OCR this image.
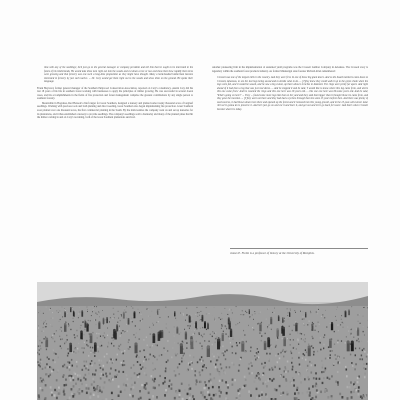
time with any of the seedlings; he'd just go to the general manager or company president and tell him that he ought to be interested in the future of his timberlands. He would take these men right out into the woods and cut down a tree or two and show them how rapidly them trees were growing and that forestry was one such a long-time proposition as they might have thought. Many a hard-headed lumberman became interested in forestry by just such tactics. ... Dr. Cary would get them right out to the woods and show them on the ground. He spoke their language.

Frank Heyward, former general manager of the Southern Pulpwood Conservation Association, reported on Cary's consultancy. Austin Cary did his last 18 years of his life in southern forest working with businesses to apply the principles of timber growing. He was successful in several dozen cases, and his accomplishments in the fields of fire protection and forest management comprise the greatest contributions by any single person to southern forestry.

Meanwhile in Bogalusa, Red Henson's chief ranger for Great Southern, designed a nursery and planted some twenty thousand acres of longleaf seedlings. Working with precious tools and both planting and direct seeding, Great Southern also began implementing fire protection. Great Southern soon planted over one thousand acres, the first commercial planting in the South. By the mid-twenties the company went on and set up nurseries for its plantations, and it thus established a nursery to provide seedlings. The company's seedlings sold to Kentucky and many of the planted pines that hit the timber coming in and on Cary's recruiting, both of the Great Southern plantations survived.

Another pioneering firm in the implementation of sustained yield programs was the Crossett Lumber Company in Arkansas. The Crossett story is legendary within the southern forest products industry. As former Mississippi state forester Richard Allen remembered:

Crossett was one of the largest mills in the country. And they were first. In one of those big giant doors. And so the board members came down to Crossett, Arkansas, to see the last logs being sawed and to decide what to do. ... [T]hey knew they could walk it up to the green chain when the logs were fed, and it would be sawed, and he saw a big cutout, up there about 14 inches in diameter. The rings were pretty far apart. And right ahead of it had been a log that was just real dense. ... And he stopped it and he said, 'I would like to know where this log came from, and where this one came from.' And he counted the rings and this one here was 28 years old. ... this one one here was 60-some years old. And he said, 'What's going on here?' ... They ... found some more logs like that on the yard and they said that bigger than it thought those tie came from, and they gave the location. ... [T]hey went out there and they had had a cyclone through that site some 25 years before then. And there was plenty of seed sources, it had blown down trees there and opened up the forest and it removed into this young growth, and in the 25-year-old cutover land. 'All we're gonna do is preserve it. And let's just go on and cut it and burn it, and get out and let it go back for taxes.' And that's when Crossett became what it is today.

James E. Fickle is a professor of history at the University of Memphis.
